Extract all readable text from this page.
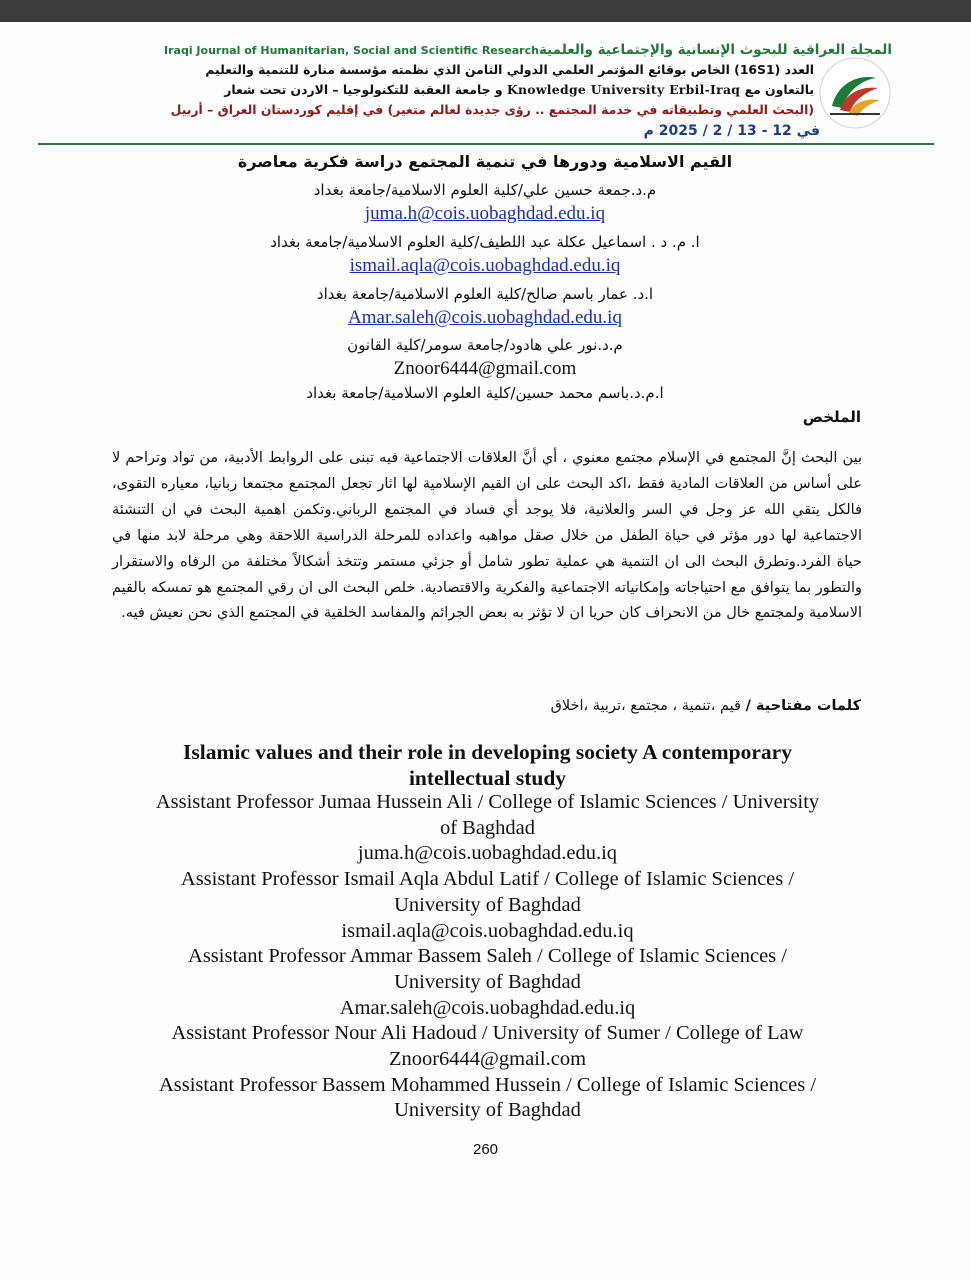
المجلة العراقية للبحوث الإنسانية والإجتماعية والعلميةIraqi Journal of Humanitarian, Social and Scientific Research
العدد (16S1) الخاص بوقائع المؤتمر العلمي الدولي الثامن الذي نظمته مؤسسة منارة للتنمية والتعليم
بالتعاون مع Knowledge University Erbil-Iraq و جامعة العقبة للتكنولوجيا – الاردن تحت شعار
(البحث العلمي وتطبيقاته في خدمة المجتمع .. رؤى جديدة لعالم متغير) في إقليم كوردستان العراق – أربيل
في 12 - 13 / 2 / 2025 م
القيم الاسلامية ودورها في تنمية المجتمع دراسة فكرية معاصرة
م.د.جمعة حسين علي/كلية العلوم الاسلامية/جامعة بغداد
juma.h@cois.uobaghdad.edu.iq
ا. م. د . اسماعيل عكلة عبد اللطيف/كلية العلوم الاسلامية/جامعة بغداد
ismail.aqla@cois.uobaghdad.edu.iq
ا.د. عمار باسم صالح/كلية العلوم الاسلامية/جامعة بغداد
Amar.saleh@cois.uobaghdad.edu.iq
م.د.نور علي هادود/جامعة سومر/كلية القانون
Znoor6444@gmail.com
ا.م.د.باسم محمد حسين/كلية العلوم الاسلامية/جامعة بغداد
الملخص
بين البحث إنَّ المجتمع في الإسلام مجتمع معنوي ، أي أنَّ العلاقات الاجتماعية فيه تبنى على الروابط الأدبية، من تواد وتراحم لا على أساس من العلاقات المادية فقط ،اكد البحث على ان القيم الإسلامية لها اثار تجعل المجتمع مجتمعا ربانيا، معياره التقوى، فالكل يتقي الله عز وجل في السر والعلانية، فلا يوجد أي فساد في المجتمع الرباني.وتكمن اهمية البحث في ان التنشئة الاجتماعية لها دور مؤثر في حياة الطفل من خلال صقل مواهبه واعداده للمرحلة الدراسية اللاحقة وهي مرحلة لابد منها في حياة الفرد.وتطرق البحث الى ان التنمية هي عملية تطور شامل أو جزئي مستمر وتتخذ أشكالاً مختلفة من الرفاه والاستقرار والتطور بما يتوافق مع احتياجاته وإمكانياته الاجتماعية والفكرية والاقتصادية. خلص البحث الى ان رقي المجتمع هو تمسكه بالقيم الاسلامية ولمجتمع خال من الانحراف كان حريا ان لا تؤثر به بعض الجرائم والمفاسد الخلقية في المجتمع الذي نحن نعيش فيه.
كلمات مفتاحية / قيم ،تنمية ، مجتمع ،تربية ،اخلاق
Islamic values and their role in developing society A contemporary
intellectual study
Assistant Professor Jumaa Hussein Ali / College of Islamic Sciences / University
of Baghdad
juma.h@cois.uobaghdad.edu.iq
Assistant Professor Ismail Aqla Abdul Latif / College of Islamic Sciences /
University of Baghdad
ismail.aqla@cois.uobaghdad.edu.iq
Assistant Professor Ammar Bassem Saleh / College of Islamic Sciences /
University of Baghdad
Amar.saleh@cois.uobaghdad.edu.iq
Assistant Professor Nour Ali Hadoud / University of Sumer / College of Law
Znoor6444@gmail.com
Assistant Professor Bassem Mohammed Hussein / College of Islamic Sciences /
University of Baghdad
260
